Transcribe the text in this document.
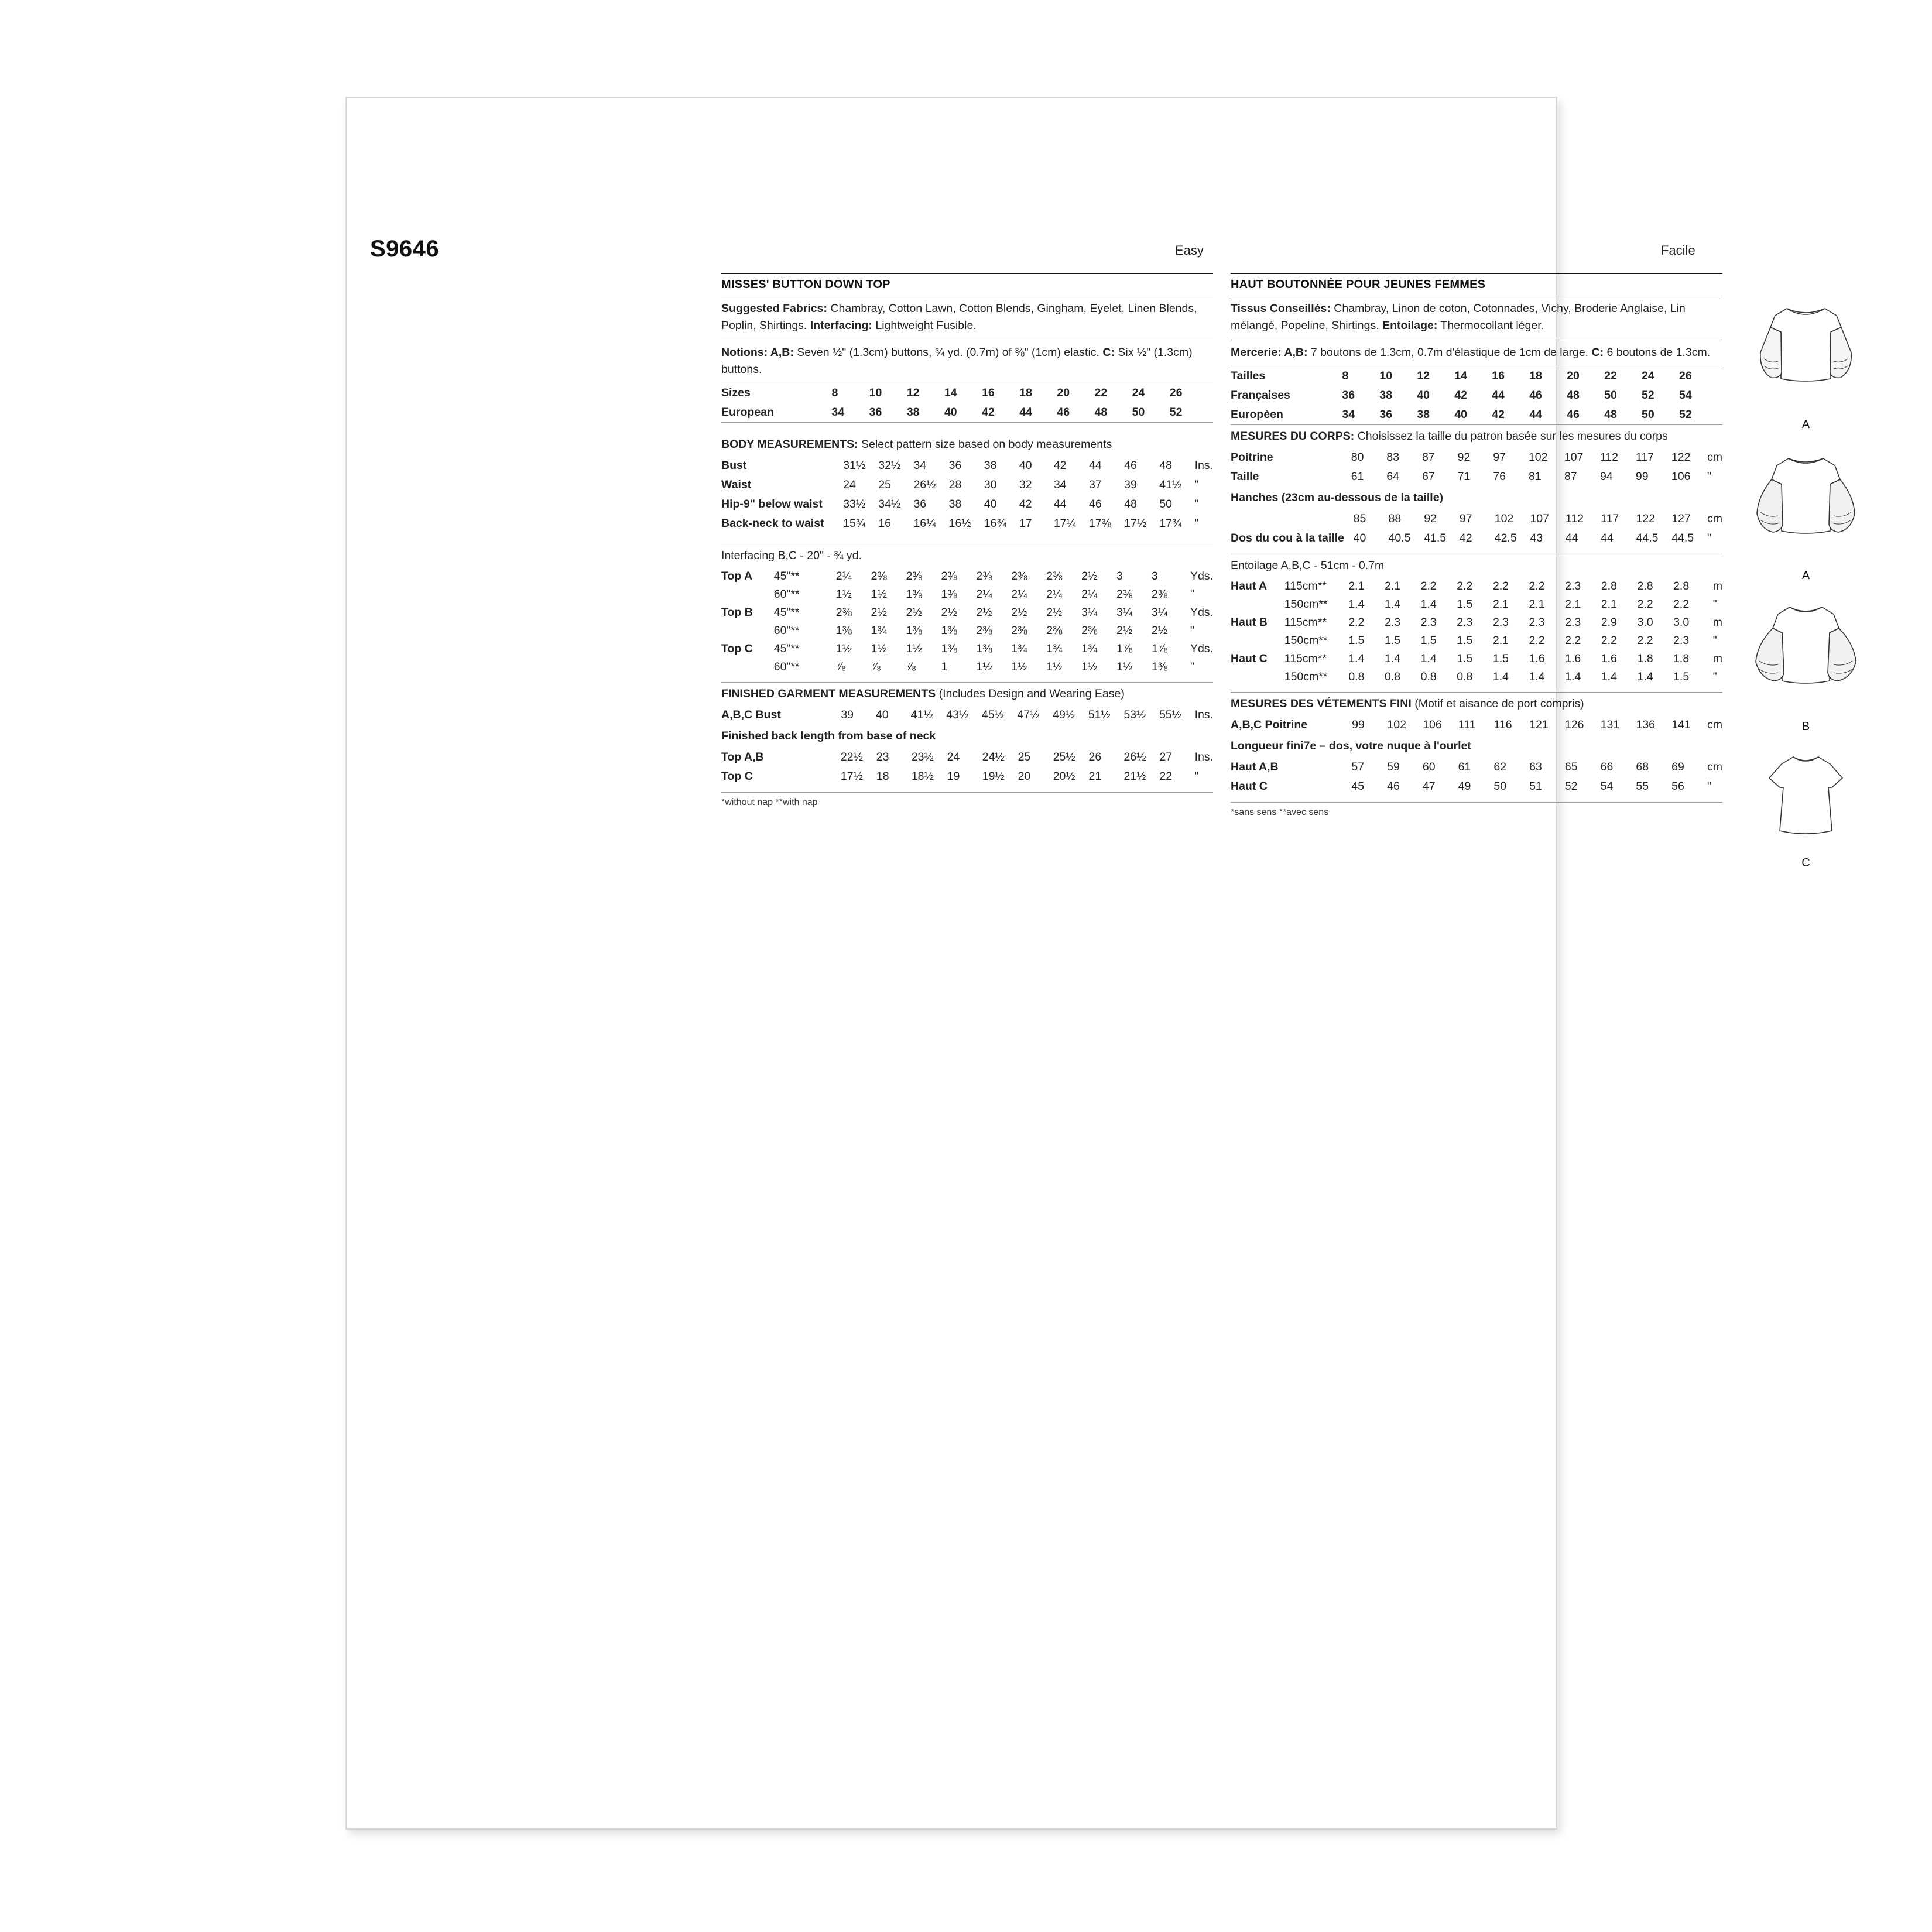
S9646	Easy	Facile
MISSES' BUTTON DOWN TOP
Suggested Fabrics: Chambray, Cotton Lawn, Cotton Blends, Gingham, Eyelet, Linen Blends, Poplin, Shirtings. Interfacing: Lightweight Fusible.
Notions: A,B: Seven ½" (1.3cm) buttons, ¾ yd. (0.7m) of ⅜" (1cm) elastic. C: Six ½" (1.3cm) buttons.
Sizes	8	10	12	14	16	18	20	22	24	26	
European	34	36	38	40	42	44	46	48	50	52	
BODY MEASUREMENTS: Select pattern size based on body measurements
Bust	31½	32½	34	36	38	40	42	44	46	48	Ins.
Waist	24	25	26½	28	30	32	34	37	39	41½	"
Hip-9" below waist	33½	34½	36	38	40	42	44	46	48	50	"
Back-neck to waist	15¾	16	16¼	16½	16¾	17	17¼	17⅜	17½	17¾	"
Interfacing B,C - 20" - ¾ yd.
Top A	45"**	2¼	2⅜	2⅜	2⅜	2⅜	2⅜	2⅜	2½	3	3	Yds.
	60"**	1½	1½	1⅜	1⅜	2¼	2¼	2¼	2¼	2⅜	2⅜	"
Top B	45"**	2⅜	2½	2½	2½	2½	2½	2½	3¼	3¼	3¼	Yds.
	60"**	1⅜	1¾	1⅜	1⅜	2⅜	2⅜	2⅜	2⅜	2½	2½	"
Top C	45"**	1½	1½	1½	1⅜	1⅜	1¾	1¾	1¾	1⅞	1⅞	Yds.
	60"**	⅞	⅞	⅞	1	1½	1½	1½	1½	1½	1⅜	"
FINISHED GARMENT MEASUREMENTS (Includes Design and Wearing Ease)
A,B,C Bust	39	40	41½	43½	45½	47½	49½	51½	53½	55½	Ins.
Finished back length from base of neck
Top A,B	22½	23	23½	24	24½	25	25½	26	26½	27	Ins.
Top C	17½	18	18½	19	19½	20	20½	21	21½	22	"
*without nap **with nap
HAUT BOUTONNÉE POUR JEUNES FEMMES
Tissus Conseillés: Chambray, Linon de coton, Cotonnades, Vichy, Broderie Anglaise, Lin mélangé, Popeline, Shirtings. Entoilage: Thermocollant léger.
Mercerie: A,B: 7 boutons de 1.3cm, 0.7m d'élastique de 1cm de large. C: 6 boutons de 1.3cm.
Tailles	8	10	12	14	16	18	20	22	24	26	
Françaises	36	38	40	42	44	46	48	50	52	54	
Europèen	34	36	38	40	42	44	46	48	50	52	
MESURES DU CORPS: Choisissez la taille du patron basée sur les mesures du corps
Poitrine	80	83	87	92	97	102	107	112	117	122	cm
Taille	61	64	67	71	76	81	87	94	99	106	"
Hanches (23cm au-dessous de la taille)
	85	88	92	97	102	107	112	117	122	127	cm
Dos du cou à la taille	40	40.5	41.5	42	42.5	43	44	44	44.5	44.5	"
Entoilage A,B,C - 51cm - 0.7m
Haut A	115cm**	2.1	2.1	2.2	2.2	2.2	2.2	2.3	2.8	2.8	2.8	m
	150cm**	1.4	1.4	1.4	1.5	2.1	2.1	2.1	2.1	2.2	2.2	"
Haut B	115cm**	2.2	2.3	2.3	2.3	2.3	2.3	2.3	2.9	3.0	3.0	m
	150cm**	1.5	1.5	1.5	1.5	2.1	2.2	2.2	2.2	2.2	2.3	"
Haut C	115cm**	1.4	1.4	1.4	1.5	1.5	1.6	1.6	1.6	1.8	1.8	m
	150cm**	0.8	0.8	0.8	0.8	1.4	1.4	1.4	1.4	1.4	1.5	"
MESURES DES VÉTEMENTS FINI (Motif et aisance de port compris)
A,B,C Poitrine	99	102	106	111	116	121	126	131	136	141	cm
Longueur fini7e – dos, votre nuque à l'ourlet
Haut A,B	57	59	60	61	62	63	65	66	68	69	cm
Haut C	45	46	47	49	50	51	52	54	55	56	"
*sans sens **avec sens
A
A
B
C
